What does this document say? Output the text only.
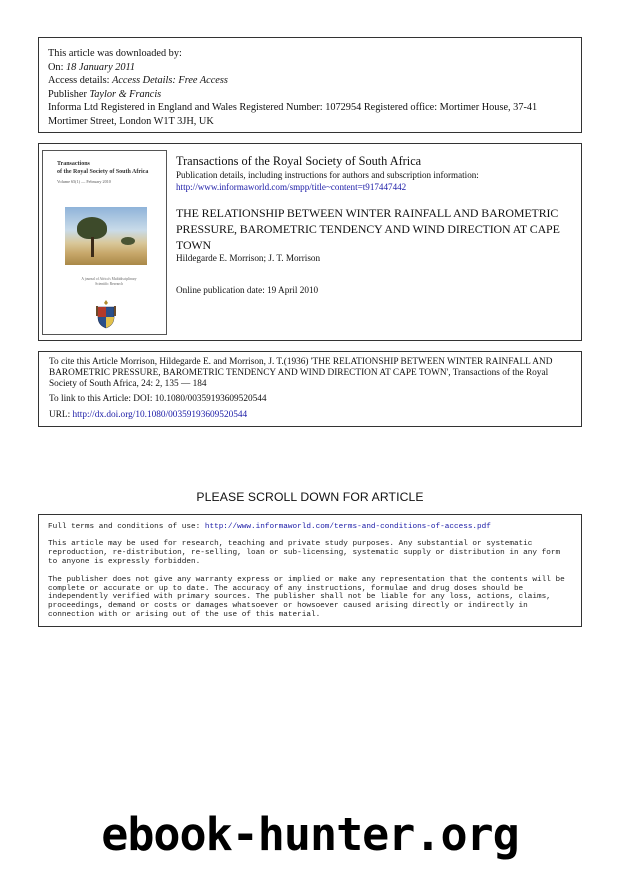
This article was downloaded by:
On: 18 January 2011
Access details: Access Details: Free Access
Publisher Taylor & Francis
Informa Ltd Registered in England and Wales Registered Number: 1072954 Registered office: Mortimer House, 37-41 Mortimer Street, London W1T 3JH, UK
Transactions
of the Royal Society of South Africa
Volume 65(1) — February 2010
A journal of Africa's Multidisciplinary Scientific Research
Transactions of the Royal Society of South Africa
Publication details, including instructions for authors and subscription information:
http://www.informaworld.com/smpp/title~content=t917447442
THE RELATIONSHIP BETWEEN WINTER RAINFALL AND BAROMETRIC PRESSURE, BAROMETRIC TENDENCY AND WIND DIRECTION AT CAPE TOWN
Hildegarde E. Morrison; J. T. Morrison
Online publication date: 19 April 2010
To cite this Article Morrison, Hildegarde E. and Morrison, J. T.(1936) 'THE RELATIONSHIP BETWEEN WINTER RAINFALL AND BAROMETRIC PRESSURE, BAROMETRIC TENDENCY AND WIND DIRECTION AT CAPE TOWN', Transactions of the Royal Society of South Africa, 24: 2, 135 — 184
To link to this Article: DOI: 10.1080/00359193609520544
URL: http://dx.doi.org/10.1080/00359193609520544
PLEASE SCROLL DOWN FOR ARTICLE

Full terms and conditions of use: http://www.informaworld.com/terms-and-conditions-of-access.pdf

This article may be used for research, teaching and private study purposes. Any substantial or systematic reproduction, re-distribution, re-selling, loan or sub-licensing, systematic supply or distribution in any form to anyone is expressly forbidden.

The publisher does not give any warranty express or implied or make any representation that the contents will be complete or accurate or up to date. The accuracy of any instructions, formulae and drug doses should be independently verified with primary sources. The publisher shall not be liable for any loss, actions, claims, proceedings, demand or costs or damages whatsoever or howsoever caused arising directly or indirectly in connection with or arising out of the use of this material.

ebook-hunter.org
